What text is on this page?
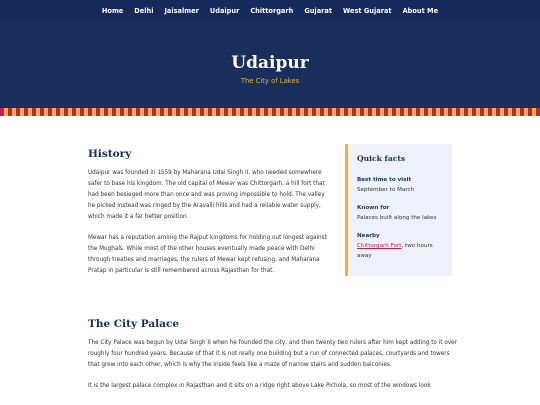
Home Delhi Jaisalmer Udaipur Chittorgarh Gujarat West Gujarat About Me
Udaipur
The City of Lakes
History

Udaipur was founded in 1559 by Maharana Udai Singh II, who needed somewhere safer to base his kingdom. The old capital of Mewar was Chittorgarh, a hill fort that had been besieged more than once and was proving impossible to hold. The valley he picked instead was ringed by the Aravalli hills and had a reliable water supply, which made it a far better position.

Mewar has a reputation among the Rajput kingdoms for holding out longest against the Mughals. While most of the other houses eventually made peace with Delhi through treaties and marriages, the rulers of Mewar kept refusing, and Maharana Pratap in particular is still remembered across Rajasthan for that.

The City Palace

The City Palace was begun by Udai Singh II when he founded the city, and then twenty two rulers after him kept adding to it over roughly four hundred years. Because of that it is not really one building but a run of connected palaces, courtyards and towers that grew into each other, which is why the inside feels like a maze of narrow stairs and sudden balconies.

It is the largest palace complex in Rajasthan and it sits on a ridge right above Lake Pichola, so most of the windows look

Quick facts
Best time to visit
September to March
Known for
Palaces built along the lakes
Nearby
Chittorgarh Fort, two hours away
